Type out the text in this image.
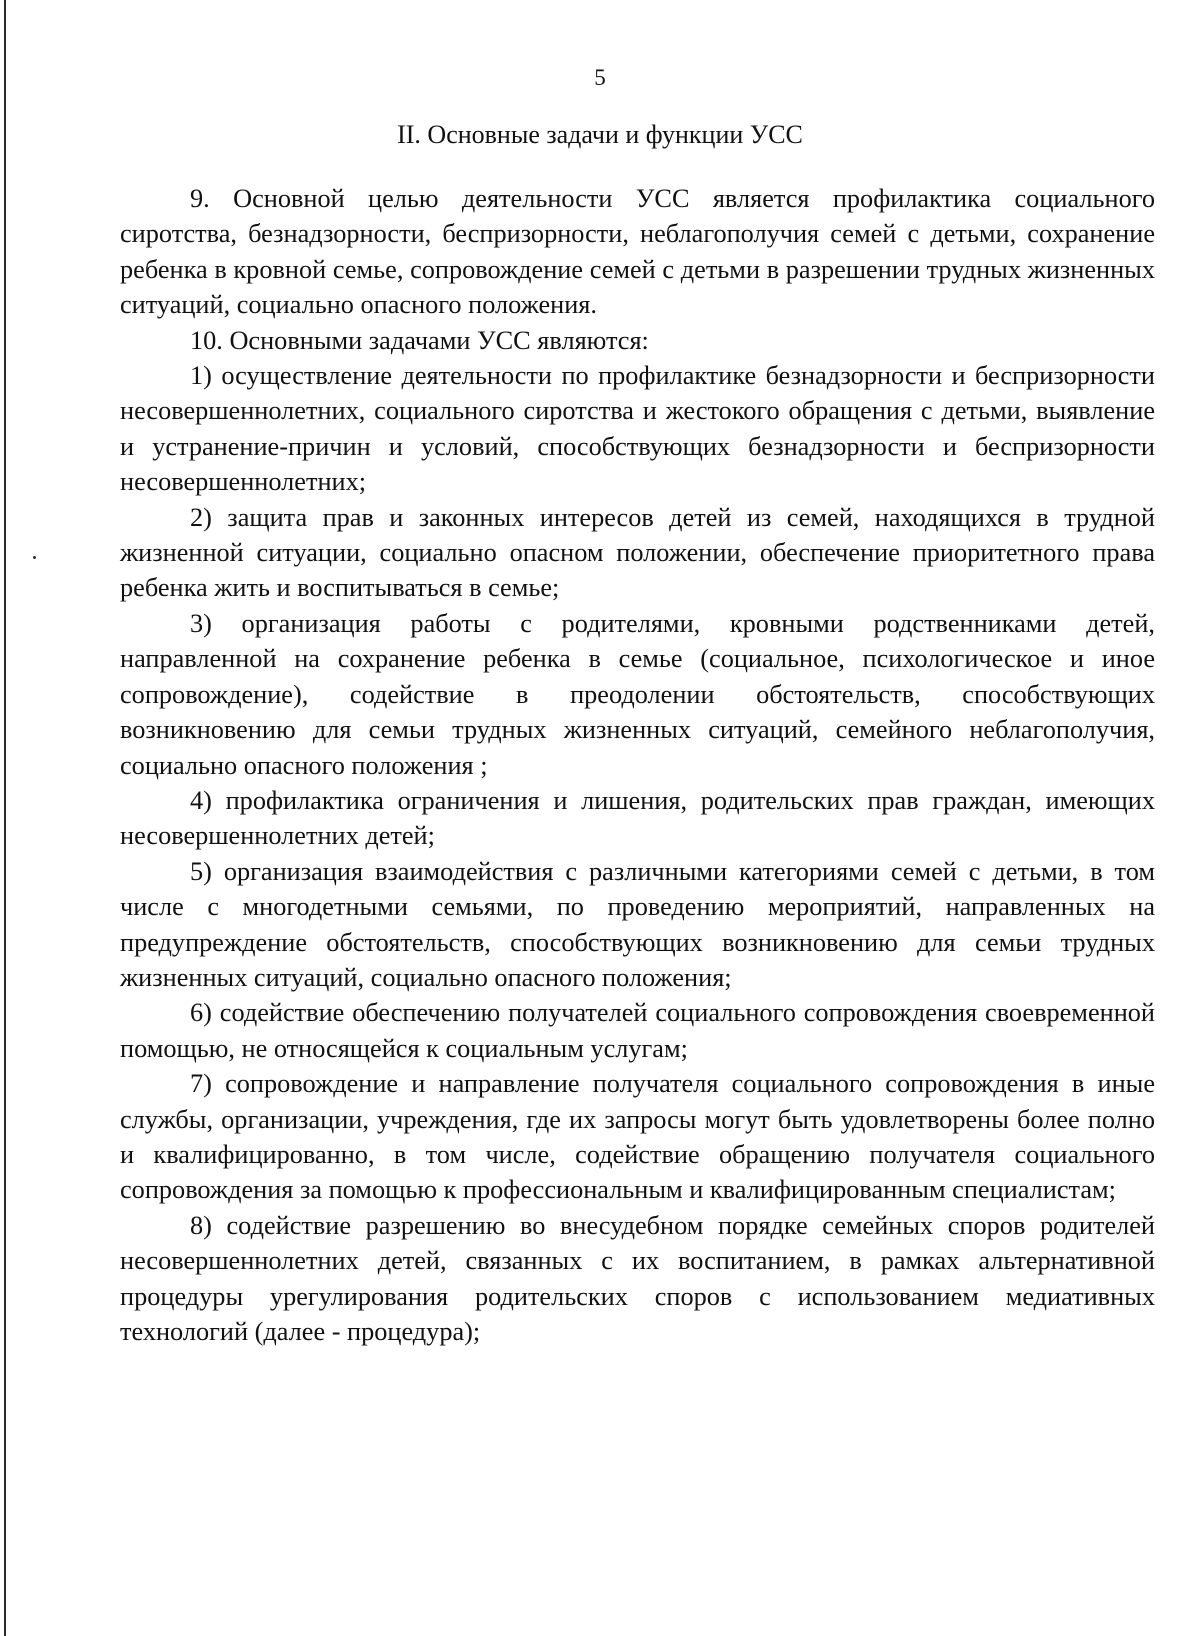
5
II. Основные задачи и функции УСС

9. Основной целью деятельности УСС является профилактика социального сиротства, безнадзорности, беспризорности, неблагополучия семей с детьми, сохранение ребенка в кровной семье, сопровождение семей с детьми в разрешении трудных жизненных ситуаций, социально опасного положения.

10. Основными задачами УСС являются:

1) осуществление деятельности по профилактике безнадзорности и беспризорности несовершеннолетних, социального сиротства и жестокого обращения с детьми, выявление и устранение-причин и условий, способствующих безнадзорности и беспризорности несовершеннолетних;

2) защита прав и законных интересов детей из семей, находящихся в трудной жизненной ситуации, социально опасном положении, обеспечение приоритетного права ребенка жить и воспитываться в семье;

3) организация работы с родителями, кровными родственниками детей, направленной на сохранение ребенка в семье (социальное, психологическое и иное сопровождение), содействие в преодолении обстоятельств, способствующих возникновению для семьи трудных жизненных ситуаций, семейного неблагополучия, социально опасного положения ;

4) профилактика ограничения и лишения, родительских прав граждан, имеющих несовершеннолетних детей;

5) организация взаимодействия с различными категориями семей с детьми, в том числе с многодетными семьями, по проведению мероприятий, направленных на предупреждение обстоятельств, способствующих возникновению для семьи трудных жизненных ситуаций, социально опасного положения;

6) содействие обеспечению получателей социального сопровождения своевременной помощью, не относящейся к социальным услугам;

7) сопровождение и направление получателя социального сопровождения в иные службы, организации, учреждения, где их запросы могут быть удовлетворены более полно и квалифицированно, в том числе, содействие обращению получателя социального сопровождения за помощью к профессиональным и квалифицированным специалистам;

8) содействие разрешению во внесудебном порядке семейных споров родителей несовершеннолетних детей, связанных с их воспитанием, в рамках альтернативной процедуры урегулирования родительских споров с использованием медиативных технологий (далее - процедура);
